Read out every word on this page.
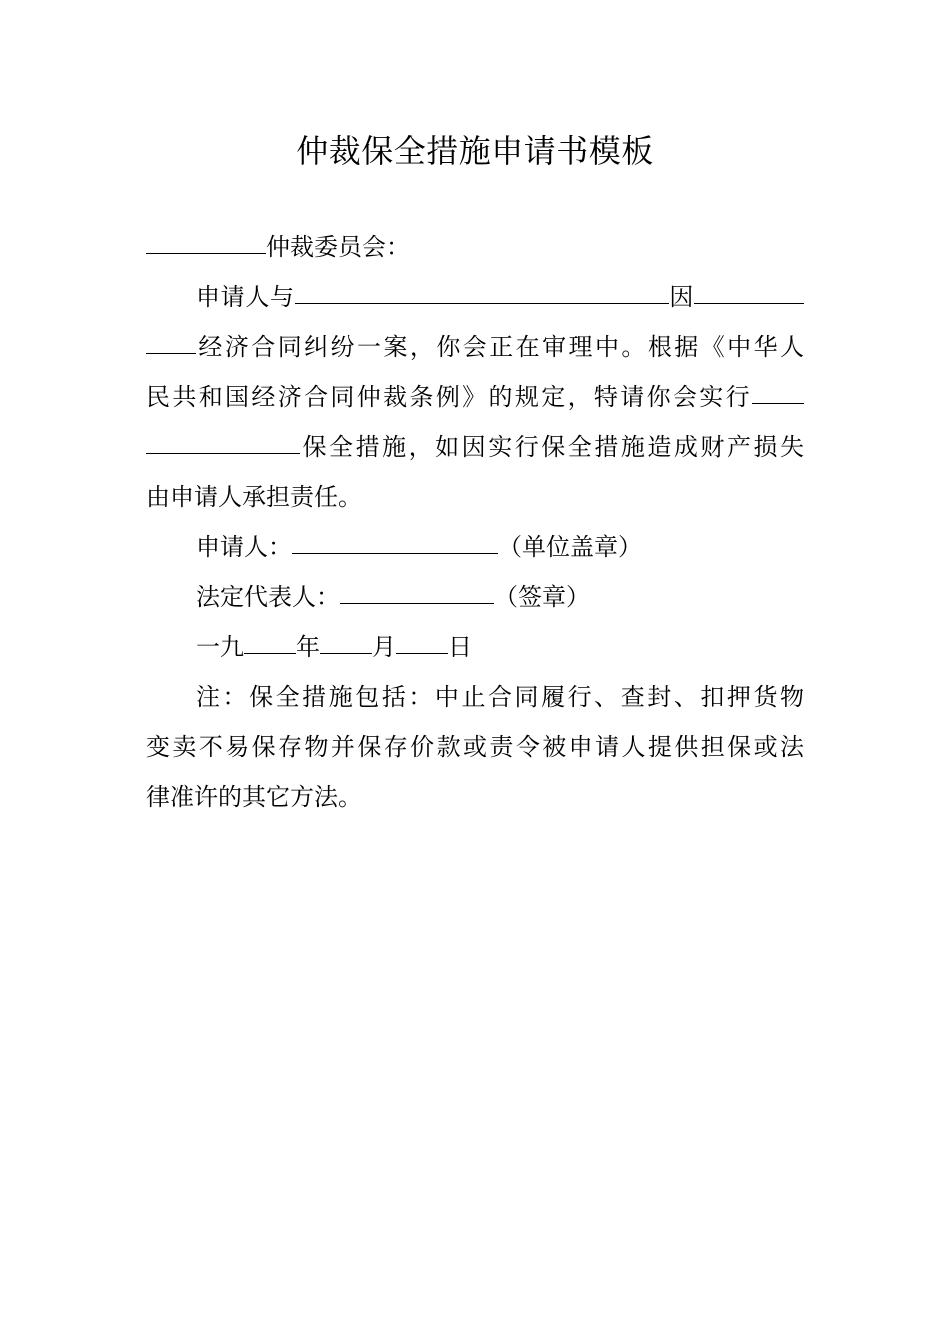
仲裁保全措施申请书模板
仲裁委员会：
申请人与	因
经济合同纠纷一案，你会正在审理中。根据《中华人
民共和国经济合同仲裁条例》的规定，特请你会实行
保全措施，如因实行保全措施造成财产损失
由申请人承担责任。
申请人：	（单位盖章）
法定代表人：	（签章）
一九 年 月 日
注：保全措施包括：中止合同履行、查封、扣押货物
变卖不易保存物并保存价款或责令被申请人提供担保或法
律准许的其它方法。
